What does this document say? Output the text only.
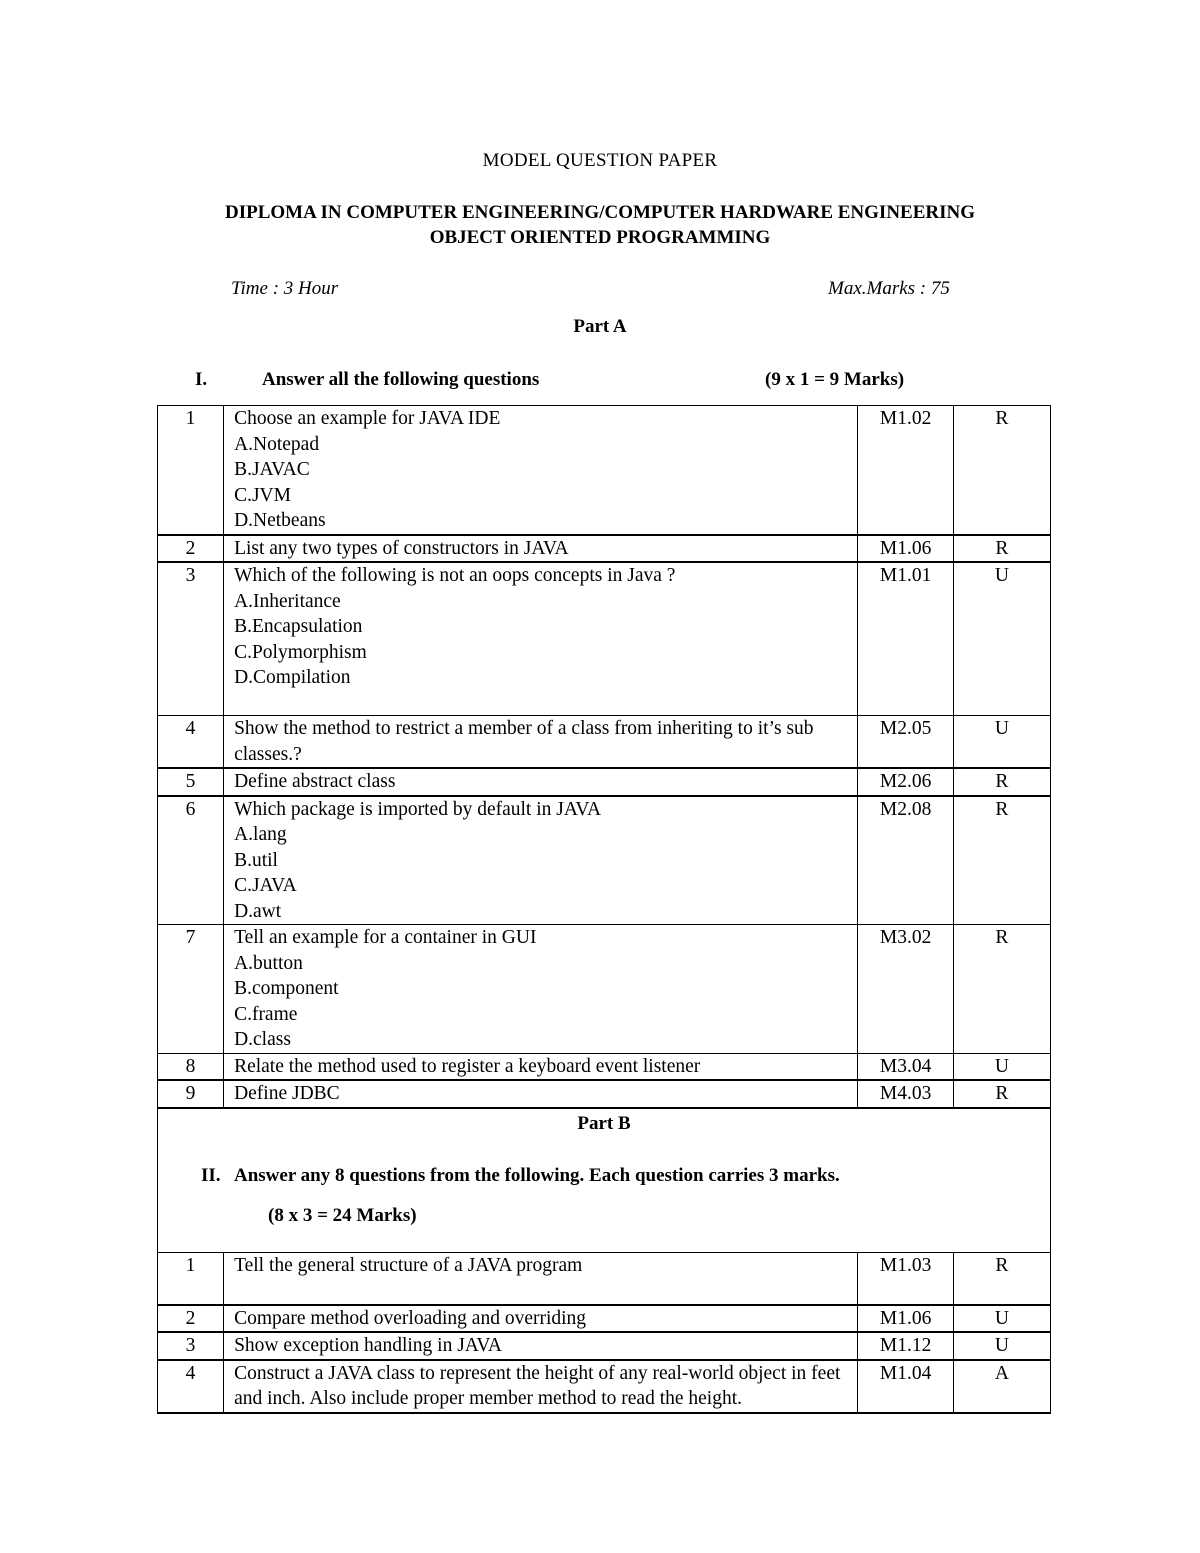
MODEL QUESTION PAPER
DIPLOMA IN COMPUTER ENGINEERING/COMPUTER HARDWARE ENGINEERING
OBJECT ORIENTED PROGRAMMING
Time : 3 Hour	Max.Marks : 75
Part A
I.	Answer all the following questions	(9 x 1 = 9 Marks)
1	Choose an example for JAVA IDE
A.Notepad
B.JAVAC
C.JVM
D.Netbeans	M1.02	R
2	List any two types of constructors in JAVA	M1.06	R
3	Which of the following is not an oops concepts in Java ?
A.Inheritance
B.Encapsulation
C.Polymorphism
D.Compilation	M1.01	U
4	Show the method to restrict a member of a class from inheriting to it’s sub classes.?	M2.05	U
5	Define abstract class	M2.06	R
6	Which package is imported by default in JAVA
A.lang
B.util
C.JAVA
D.awt	M2.08	R
7	Tell an example for a container in GUI
A.button
B.component
C.frame
D.class	M3.02	R
8	Relate the method used to register a keyboard event listener	M3.04	U
9	Define JDBC	M4.03	R

Part B
II. Answer any 8 questions from the following. Each question carries 3 marks.
(8 x 3 = 24 Marks)			

1	Tell the general structure of a JAVA program	M1.03	R
2	Compare method overloading and overriding	M1.06	U
3	Show exception handling in JAVA	M1.12	U
4	Construct a JAVA class to represent the height of any real-world object in feet and inch. Also include proper member method to read the height.	M1.04	A
